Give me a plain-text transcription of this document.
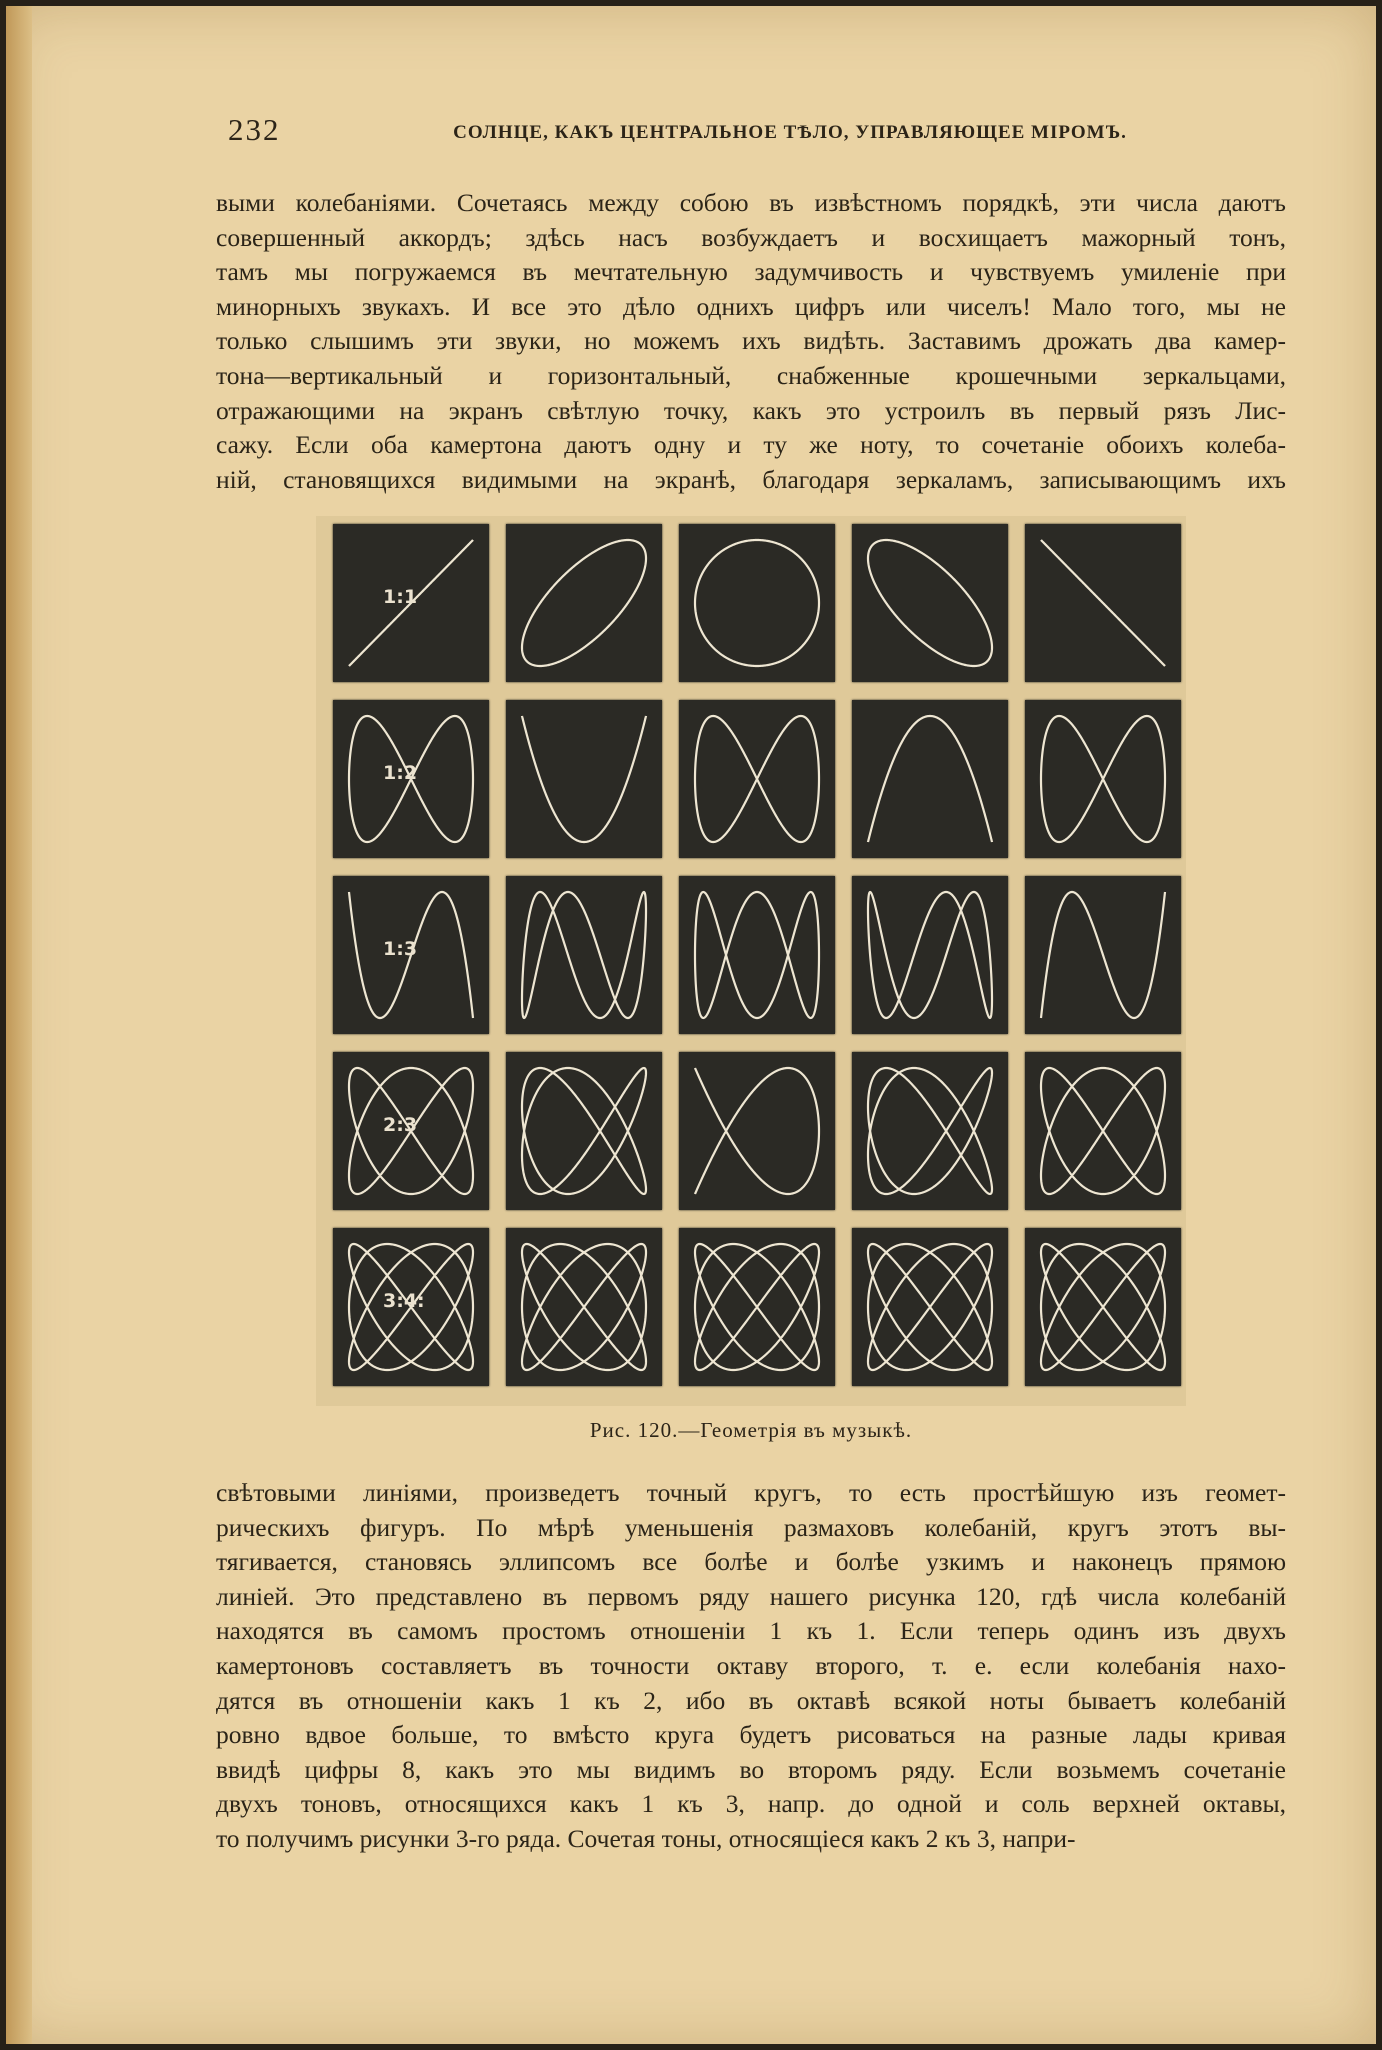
232	СОЛНЦЕ, КАКЪ ЦЕНТРАЛЬНОЕ ТѢЛО, УПРАВЛЯЮЩЕЕ МІРОМЪ.

выми колебаніями. Сочетаясь между собою въ извѣстномъ порядкѣ, эти числа даютъ
совершенный аккордъ; здѣсь насъ возбуждаетъ и восхищаетъ мажорный тонъ,
тамъ мы погружаемся въ мечтательную задумчивость и чувствуемъ умиленіе при
минорныхъ звукахъ. И все это дѣло однихъ цифръ или чиселъ! Мало того, мы не
только слышимъ эти звуки, но можемъ ихъ видѣть. Заставимъ дрожать два камер-
тона—вертикальный и горизонтальный, снабженные крошечными зеркальцами,
отражающими на экранъ свѣтлую точку, какъ это устроилъ въ первый рязъ Лис-
сажу. Если оба камертона даютъ одну и ту же ноту, то сочетаніе обоихъ колеба-
ній, становящихся видимыми на экранѣ, благодаря зеркаламъ, записывающимъ ихъ

1:1
1:2
1:3
2:3
3:4:
Рис. 120.—Геометрія въ музыкѣ.

свѣтовыми линіями, произведетъ точный кругъ, то есть простѣйшую изъ геомет-
рическихъ фигуръ. По мѣрѣ уменьшенія размаховъ колебаній, кругъ этотъ вы-
тягивается, становясь эллипсомъ все болѣе и болѣе узкимъ и наконецъ прямою
линіей. Это представлено въ первомъ ряду нашего рисунка 120, гдѣ числа колебаній
находятся въ самомъ простомъ отношеніи 1 къ 1. Если теперь одинъ изъ двухъ
камертоновъ составляетъ въ точности октаву второго, т. е. если колебанія нахо-
дятся въ отношеніи какъ 1 къ 2, ибо въ октавѣ всякой ноты бываетъ колебаній
ровно вдвое больше, то вмѣсто круга будетъ рисоваться на разные лады кривая
ввидѣ цифры 8, какъ это мы видимъ во второмъ ряду. Если возьмемъ сочетаніе
двухъ тоновъ, относящихся какъ 1 къ 3, напр. до одной и соль верхней октавы,
то получимъ рисунки 3-го ряда. Сочетая тоны, относящіеся какъ 2 къ 3, напри-
